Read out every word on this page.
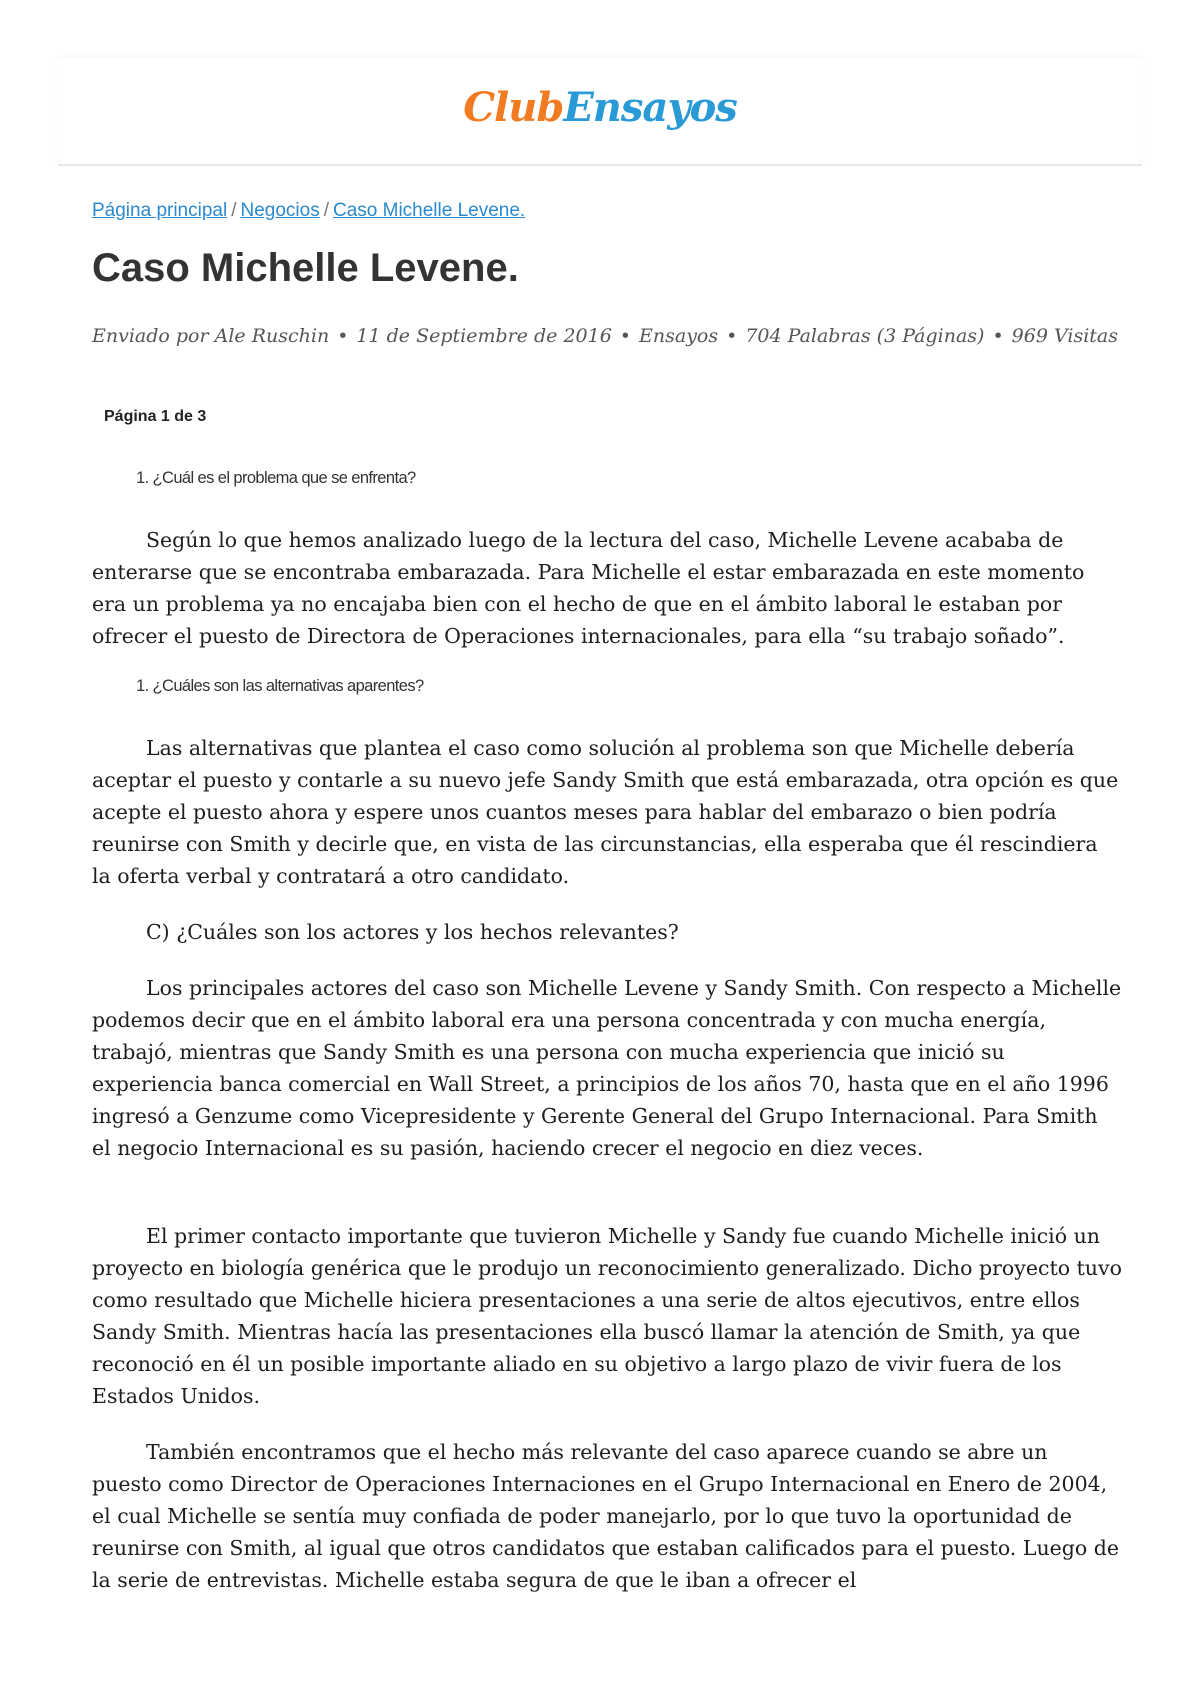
ClubEnsayos
Página principal / Negocios / Caso Michelle Levene.
Caso Michelle Levene.
Enviado por Ale Ruschin • 11 de Septiembre de 2016 • Ensayos • 704 Palabras (3 Páginas) • 969 Visitas
Página 1 de 3

1. ¿Cuál es el problema que se enfrenta?

Según lo que hemos analizado luego de la lectura del caso, Michelle Levene acababa de enterarse que se encontraba embarazada. Para Michelle el estar embarazada en este momento era un problema ya no encajaba bien con el hecho de que en el ámbito laboral le estaban por ofrecer el puesto de Directora de Operaciones internacionales, para ella “su trabajo soñado”.

1. ¿Cuáles son las alternativas aparentes?

Las alternativas que plantea el caso como solución al problema son que Michelle debería aceptar el puesto y contarle a su nuevo jefe Sandy Smith que está embarazada, otra opción es que acepte el puesto ahora y espere unos cuantos meses para hablar del embarazo o bien podría reunirse con Smith y decirle que, en vista de las circunstancias, ella esperaba que él rescindiera la oferta verbal y contratará a otro candidato.

C) ¿Cuáles son los actores y los hechos relevantes?

Los principales actores del caso son Michelle Levene y Sandy Smith. Con respecto a Michelle podemos decir que en el ámbito laboral era una persona concentrada y con mucha energía, trabajó, mientras que Sandy Smith es una persona con mucha experiencia que inició su experiencia banca comercial en Wall Street, a principios de los años 70, hasta que en el año 1996 ingresó a Genzume como Vicepresidente y Gerente General del Grupo Internacional. Para Smith el negocio Internacional es su pasión, haciendo crecer el negocio en diez veces.

El primer contacto importante que tuvieron Michelle y Sandy fue cuando Michelle inició un proyecto en biología genérica que le produjo un reconocimiento generalizado. Dicho proyecto tuvo como resultado que Michelle hiciera presentaciones a una serie de altos ejecutivos, entre ellos Sandy Smith. Mientras hacía las presentaciones ella buscó llamar la atención de Smith, ya que reconoció en él un posible importante aliado en su objetivo a largo plazo de vivir fuera de los Estados Unidos.

También encontramos que el hecho más relevante del caso aparece cuando se abre un puesto como Director de Operaciones Internaciones en el Grupo Internacional en Enero de 2004, el cual Michelle se sentía muy confiada de poder manejarlo, por lo que tuvo la oportunidad de reunirse con Smith, al igual que otros candidatos que estaban calificados para el puesto. Luego de la serie de entrevistas. Michelle estaba segura de que le iban a ofrecer el
